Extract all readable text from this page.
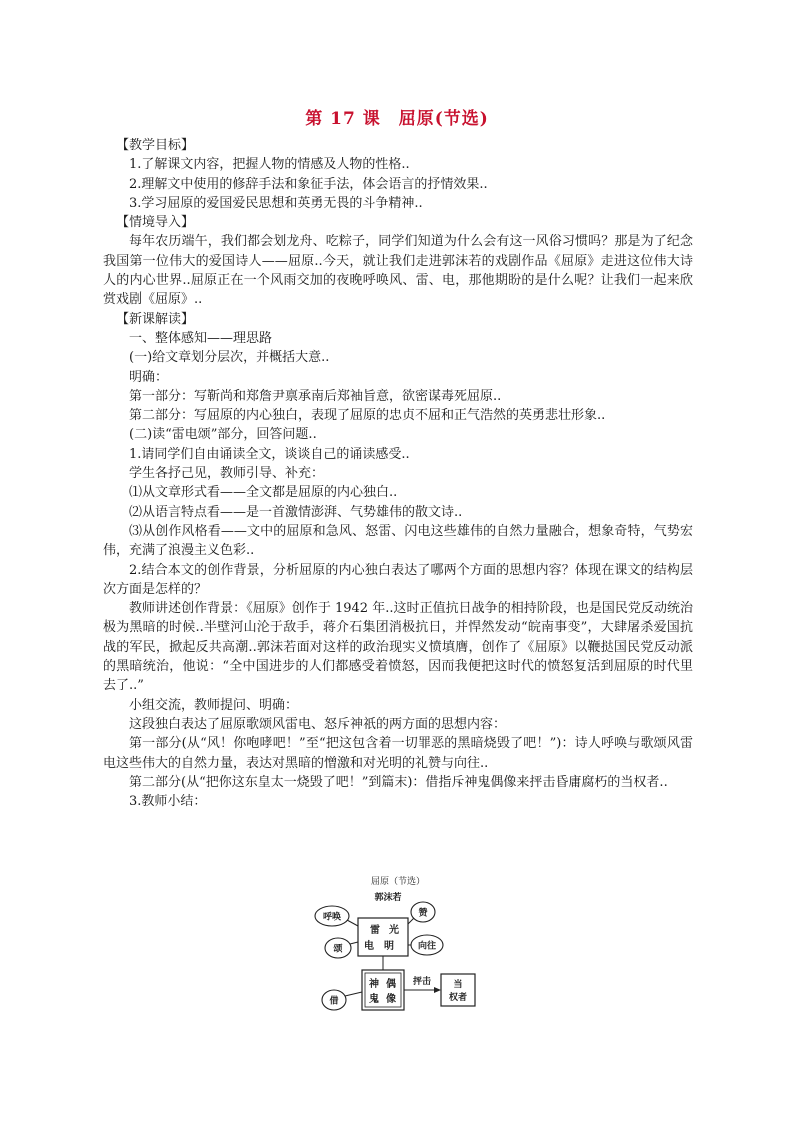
第 17 课　屈原(节选)

【教学目标】

1.了解课文内容，把握人物的情感及人物的性格..

2.理解文中使用的修辞手法和象征手法，体会语言的抒情效果..

3.学习屈原的爱国爱民思想和英勇无畏的斗争精神..

【情境导入】

每年农历端午，我们都会划龙舟、吃粽子，同学们知道为什么会有这一风俗习惯吗？那是为了纪念我国第一位伟大的爱国诗人——屈原..今天，就让我们走进郭沫若的戏剧作品《屈原》走进这位伟大诗人的内心世界..屈原正在一个风雨交加的夜晚呼唤风、雷、电，那他期盼的是什么呢？让我们一起来欣赏戏剧《屈原》..

【新课解读】

一、整体感知——理思路

(一)给文章划分层次，并概括大意..

明确：

第一部分：写靳尚和郑詹尹禀承南后郑袖旨意，欲密谋毒死屈原..

第二部分：写屈原的内心独白，表现了屈原的忠贞不屈和正气浩然的英勇悲壮形象..

(二)读“雷电颂”部分，回答问题..

1.请同学们自由诵读全文，谈谈自己的诵读感受..

学生各抒己见，教师引导、补充：

⑴从文章形式看——全文都是屈原的内心独白..

⑵从语言特点看——是一首激情澎湃、气势雄伟的散文诗..

⑶从创作风格看——文中的屈原和急风、怒雷、闪电这些雄伟的自然力量融合，想象奇特，气势宏伟，充满了浪漫主义色彩..

2.结合本文的创作背景，分析屈原的内心独白表达了哪两个方面的思想内容？体现在课文的结构层次方面是怎样的？

教师讲述创作背景：《屈原》创作于 1942 年..这时正值抗日战争的相持阶段，也是国民党反动统治极为黑暗的时候..半壁河山沦于敌手，蒋介石集团消极抗日，并悍然发动“皖南事变”，大肆屠杀爱国抗战的军民，掀起反共高潮..郭沫若面对这样的政治现实义愤填膺，创作了《屈原》以鞭挞国民党反动派的黑暗统治，他说：“全中国进步的人们都感受着愤怒，因而我便把这时代的愤怒复活到屈原的时代里去了..”

小组交流，教师提问、明确：

这段独白表达了屈原歌颂风雷电、怒斥神祇的两方面的思想内容：

第一部分(从“风！你咆哮吧！”至“把这包含着一切罪恶的黑暗烧毁了吧！”)：诗人呼唤与歌颂风雷电这些伟大的自然力量，表达对黑暗的憎激和对光明的礼赞与向往..

第二部分(从“把你这东皇太一烧毁了吧！”到篇末)：借指斥神鬼偶像来抨击昏庸腐朽的当权者..

3.教师小结：

屈原（节选）
郭沫若
雷 光
电 明
呼唤
颂
赞
向往
神 偶
鬼 像
借
抨击 当
权者
